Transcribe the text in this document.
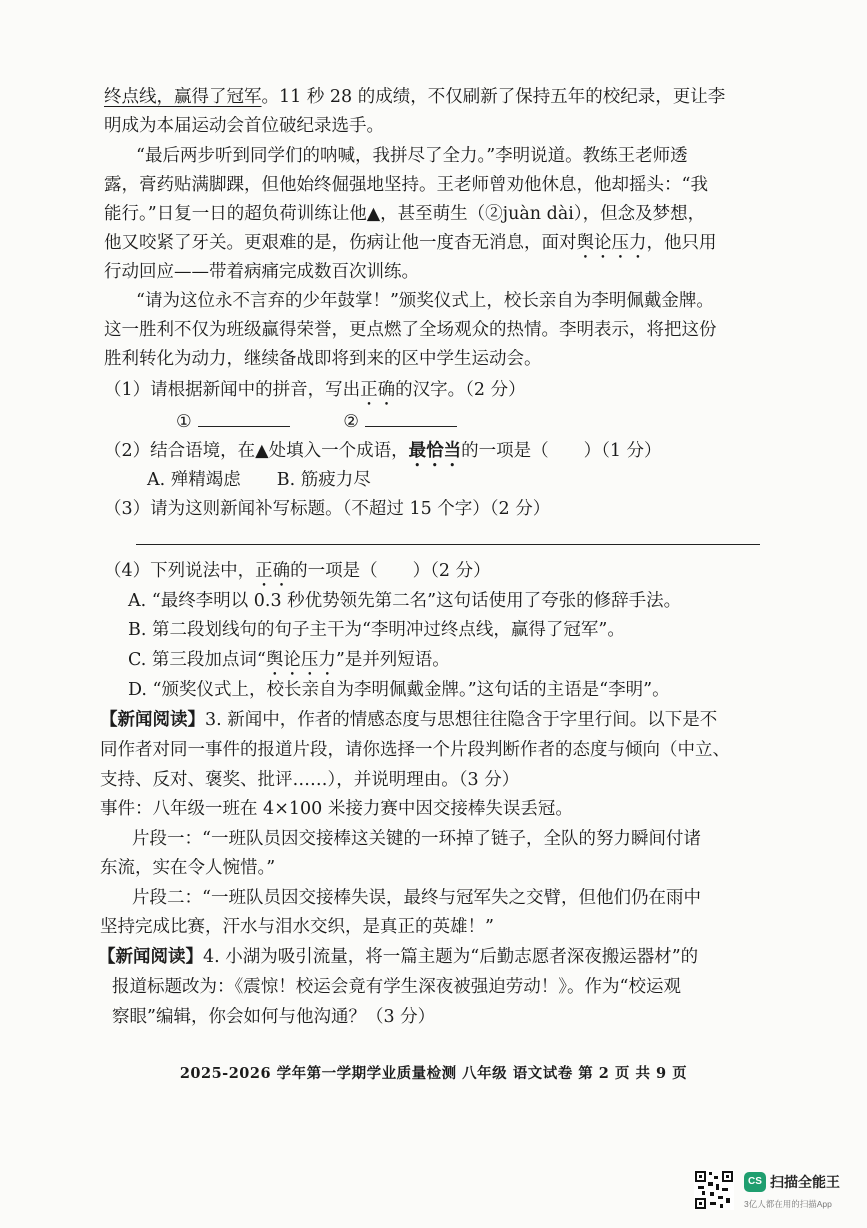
终点线，赢得了冠军。11 秒 28 的成绩，不仅刷新了保持五年的校纪录，更让李
明成为本届运动会首位破纪录选手。
“最后两步听到同学们的呐喊，我拼尽了全力。”李明说道。教练王老师透
露，膏药贴满脚踝，但他始终倔强地坚持。王老师曾劝他休息，他却摇头：“我
能行。”日复一日的超负荷训练让他▲，甚至萌生（②juàn dài），但念及梦想，
他又咬紧了牙关。更艰难的是，伤病让他一度杳无消息，面对舆论压力，他只用
行动回应——带着病痛完成数百次训练。
“请为这位永不言弃的少年鼓掌！”颁奖仪式上，校长亲自为李明佩戴金牌。
这一胜利不仅为班级赢得荣誉，更点燃了全场观众的热情。李明表示，将把这份
胜利转化为动力，继续备战即将到来的区中学生运动会。
（1）请根据新闻中的拼音，写出正确的汉字。（2 分）
①	②
（2）结合语境，在▲处填入一个成语，最恰当的一项是（　　）（1 分）
A. 殚精竭虑 B. 筋疲力尽
（3）请为这则新闻补写标题。（不超过 15 个字）（2 分）
（4）下列说法中，正确的一项是（　　）（2 分）
A. “最终李明以 0.3 秒优势领先第二名”这句话使用了夸张的修辞手法。
B. 第二段划线句的句子主干为“李明冲过终点线，赢得了冠军”。
C. 第三段加点词“舆论压力”是并列短语。
D. “颁奖仪式上，校长亲自为李明佩戴金牌。”这句话的主语是“李明”。
【新闻阅读】3. 新闻中，作者的情感态度与思想往往隐含于字里行间。以下是不
同作者对同一事件的报道片段，请你选择一个片段判断作者的态度与倾向（中立、
支持、反对、褒奖、批评……），并说明理由。（3 分）
事件：八年级一班在 4×100 米接力赛中因交接棒失误丢冠。
片段一：“一班队员因交接棒这关键的一环掉了链子，全队的努力瞬间付诸
东流，实在令人惋惜。”
片段二：“一班队员因交接棒失误，最终与冠军失之交臂，但他们仍在雨中
坚持完成比赛，汗水与泪水交织，是真正的英雄！”
【新闻阅读】4. 小湖为吸引流量，将一篇主题为“后勤志愿者深夜搬运器材”的
报道标题改为：《震惊！校运会竟有学生深夜被强迫劳动！》。作为“校运观
察眼”编辑，你会如何与他沟通？（3 分）
2025-2026 学年第一学期学业质量检测 八年级 语文试卷 第 2 页 共 9 页
CS 扫描全能王
3亿人都在用的扫描App
